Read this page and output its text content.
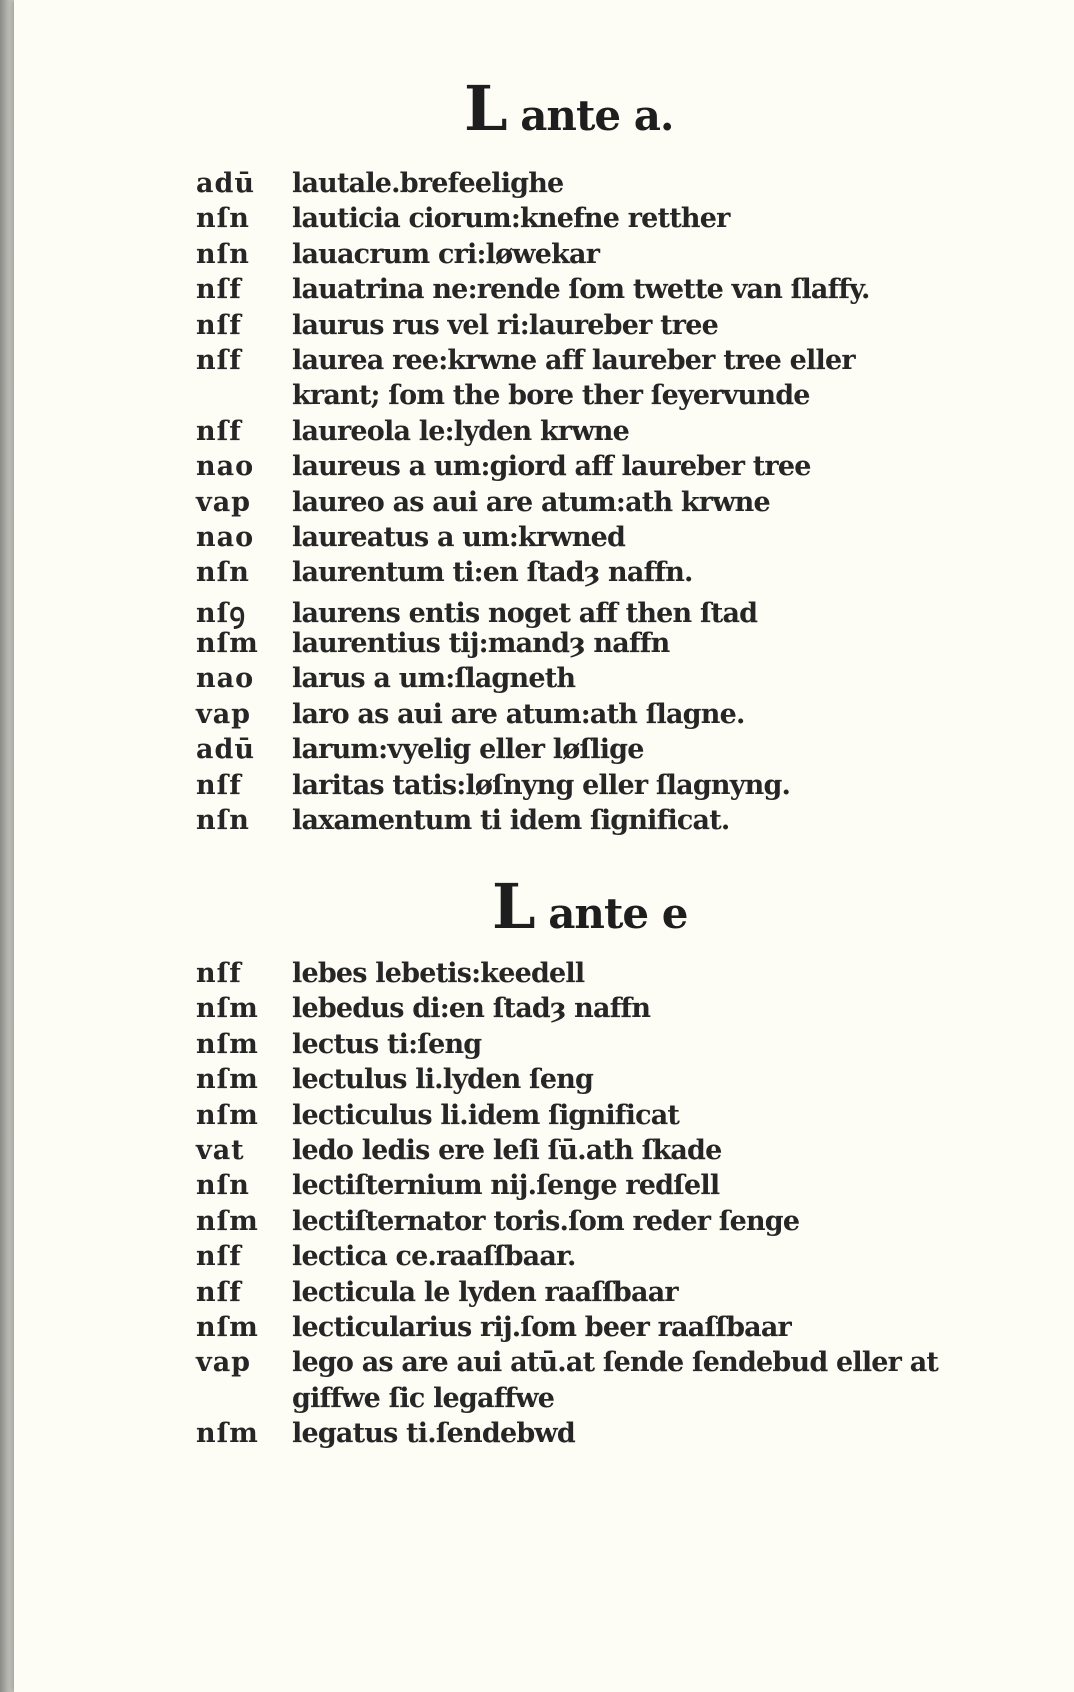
L ante a.
adū	lautale.brefeelighe
nſn	lauticia ciorum:knefne retther
nſn	lauacrum cri:løwekar
nſf	lauatrina ne:rende ſom twette van ſlaffy.
nſf	laurus rus vel ri:laureber tree
nſf	laurea ree:krwne aff laureber tree eller
krant; ſom the bore ther ſeyervunde
nſf	laureola le:lyden krwne
nao	laureus a um:giord aff laureber tree
vap	laureo as aui are atum:ath krwne
nao	laureatus a um:krwned
nſn	laurentum ti:en ſtadȝ naffn.
nſꝯ	laurens entis noget aff then ſtad
nſm	laurentius tij:mandȝ naffn
nao	larus a um:ſlagneth
vap	laro as aui are atum:ath ſlagne.
adū	larum:vyelig eller løſlige
nſf	laritas tatis:løſnyng eller ſlagnyng.
nſn	laxamentum ti idem ſignificat.
L ante e
nſf	lebes lebetis:keedell
nſm	lebedus di:en ſtadȝ naffn
nſm	lectus ti:ſeng
nſm	lectulus li.lyden ſeng
nſm	lecticulus li.idem ſignificat
vat	ledo ledis ere leſi ſū.ath ſkade
nſn	lectiſternium nij.ſenge redſell
nſm	lectiſternator toris.ſom reder ſenge
nſf	lectica ce.raaſſbaar.
nſf	lecticula le lyden raaſſbaar
nſm	lecticularius rij.ſom beer raaſſbaar
vap	lego as are aui atū.at ſende ſendebud eller at
giffwe ſic legaffwe
nſm	legatus ti.ſendebwd
